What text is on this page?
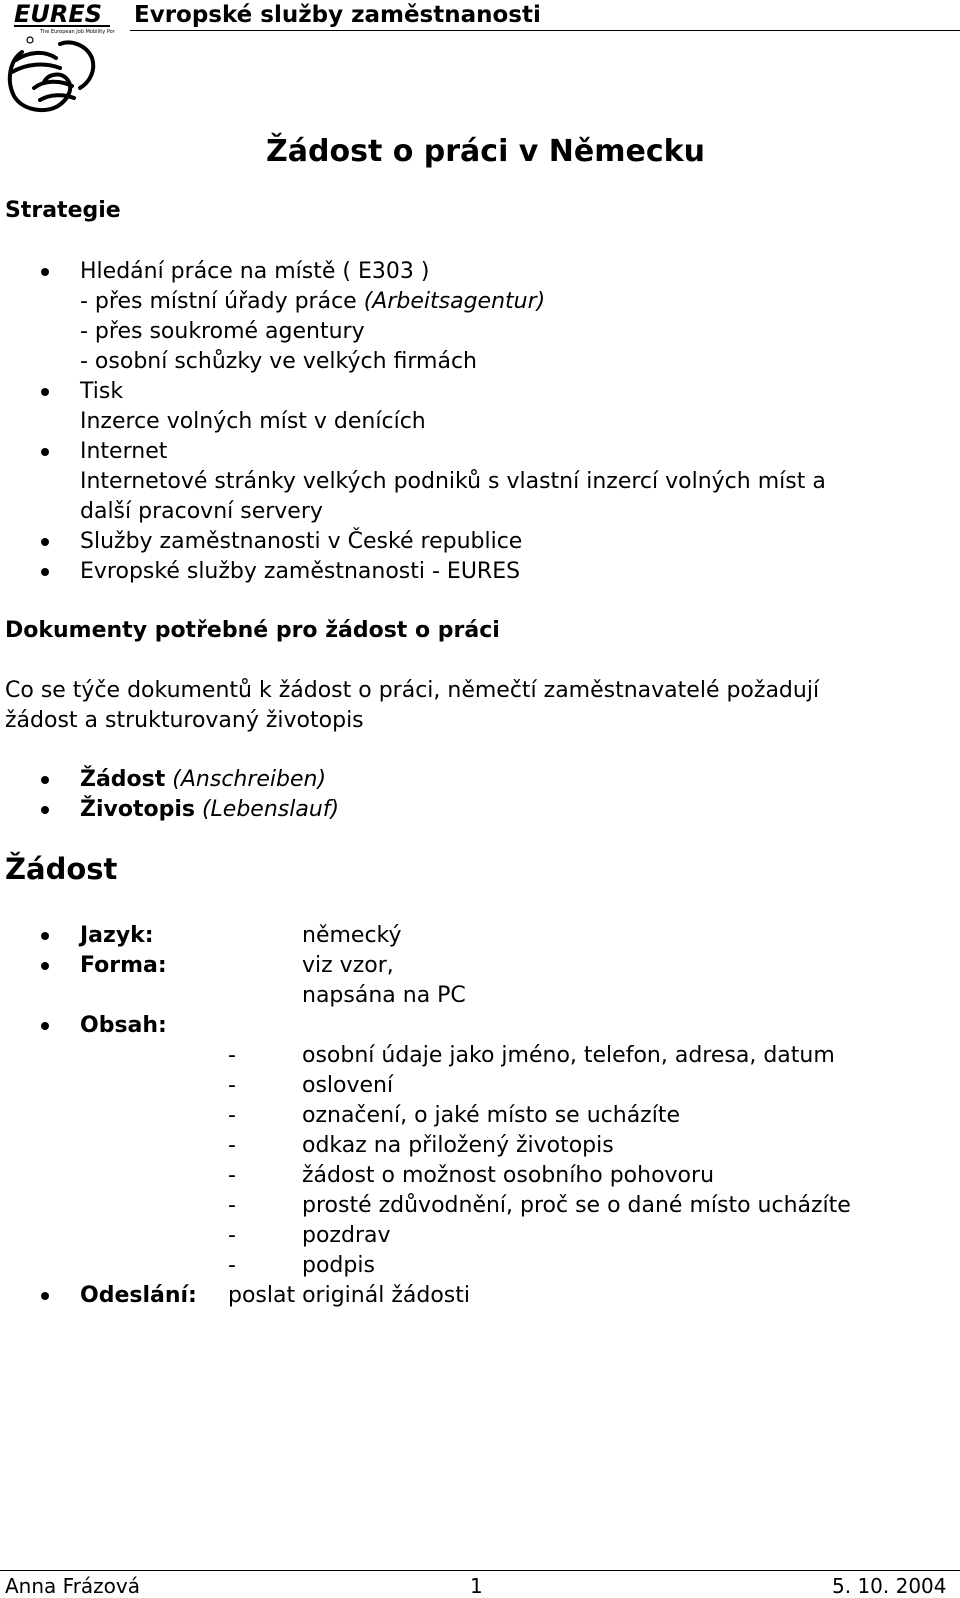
EURES
The European Job Mobility Portal
Evropské služby zaměstnanosti
Žádost o práci v Německu
Strategie
Hledání práce na místě ( E303 )
- přes místní úřady práce (Arbeitsagentur)
- přes soukromé agentury
- osobní schůzky ve velkých firmách
Tisk
Inzerce volných míst v denících
Internet
Internetové stránky velkých podniků s vlastní inzercí volných míst a
další pracovní servery
Služby zaměstnanosti v České republice
Evropské služby zaměstnanosti - EURES
Dokumenty potřebné pro žádost o práci
Co se týče dokumentů k žádost o práci, němečtí zaměstnavatelé požadují
žádost a strukturovaný životopis
Žádost (Anschreiben)
Životopis (Lebenslauf)
Žádost
Jazyk:	německý
Forma:	viz vzor,
napsána na PC
Obsah:
-	osobní údaje jako jméno, telefon, adresa, datum
-	oslovení
-	označení, o jaké místo se ucházíte
-	odkaz na přiložený životopis
-	žádost o možnost osobního pohovoru
-	prosté zdůvodnění, proč se o dané místo ucházíte
-	pozdrav
-	podpis
Odeslání: poslat originál žádosti
Anna Frázová	1	5. 10. 2004
